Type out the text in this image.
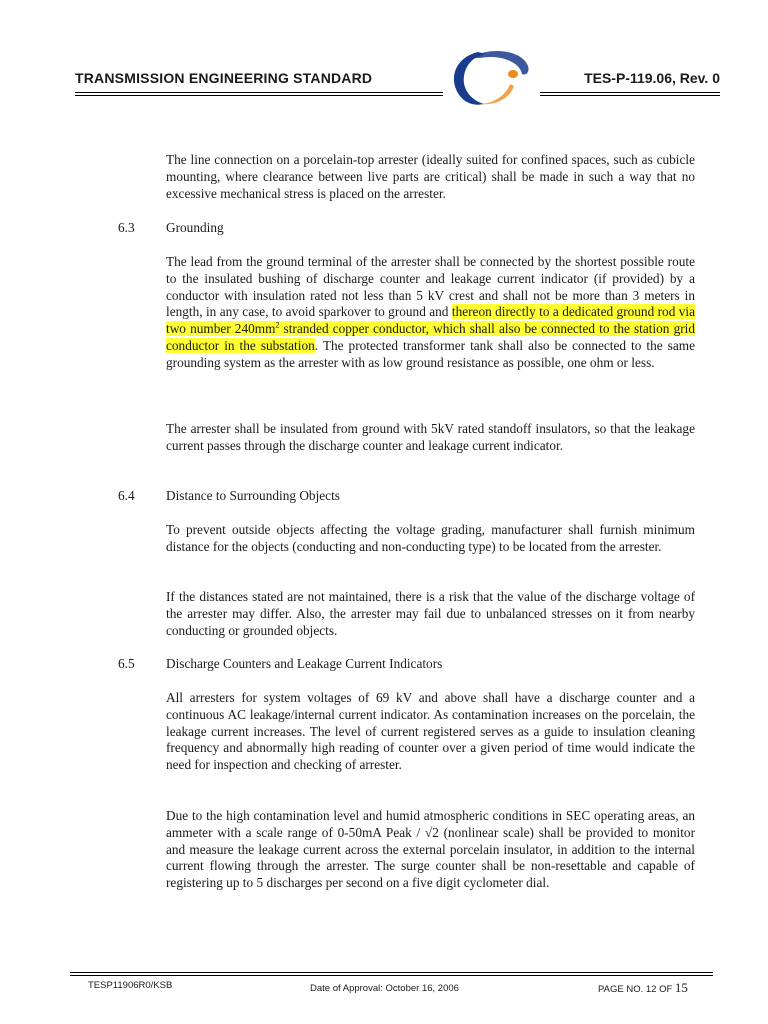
TRANSMISSION ENGINEERING STANDARD	TES-P-119.06, Rev. 0

The line connection on a porcelain-top arrester (ideally suited for confined spaces, such as cubicle mounting, where clearance between live parts are critical) shall be made in such a way that no excessive mechanical stress is placed on the arrester.

6.3 Grounding

The lead from the ground terminal of the arrester shall be connected by the shortest possible route to the insulated bushing of discharge counter and leakage current indicator (if provided) by a conductor with insulation rated not less than 5 kV crest and shall not be more than 3 meters in length, in any case, to avoid sparkover to ground and thereon directly to a dedicated ground rod via two number $240mm^2$ stranded copper conductor, which shall also be connected to the station grid conductor in the substation. The protected transformer tank shall also be connected to the same grounding system as the arrester with as low ground resistance as possible, one ohm or less.

The arrester shall be insulated from ground with 5kV rated standoff insulators, so that the leakage current passes through the discharge counter and leakage current indicator.

6.4 Distance to Surrounding Objects

To prevent outside objects affecting the voltage grading, manufacturer shall furnish minimum distance for the objects (conducting and non-conducting type) to be located from the arrester.

If the distances stated are not maintained, there is a risk that the value of the discharge voltage of the arrester may differ. Also, the arrester may fail due to unbalanced stresses on it from nearby conducting or grounded objects.

6.5 Discharge Counters and Leakage Current Indicators

All arresters for system voltages of 69 kV and above shall have a discharge counter and a continuous AC leakage/internal current indicator. As contamination increases on the porcelain, the leakage current increases. The level of current registered serves as a guide to insulation cleaning frequency and abnormally high reading of counter over a given period of time would indicate the need for inspection and checking of arrester.

Due to the high contamination level and humid atmospheric conditions in SEC operating areas, an ammeter with a scale range of 0-50mA Peak / √2 (nonlinear scale) shall be provided to monitor and measure the leakage current across the external porcelain insulator, in addition to the internal current flowing through the arrester. The surge counter shall be non-resettable and capable of registering up to 5 discharges per second on a five digit cyclometer dial.

TESP11906R0/KSB	Date of Approval: October 16, 2006	PAGE NO. 12 OF 15
